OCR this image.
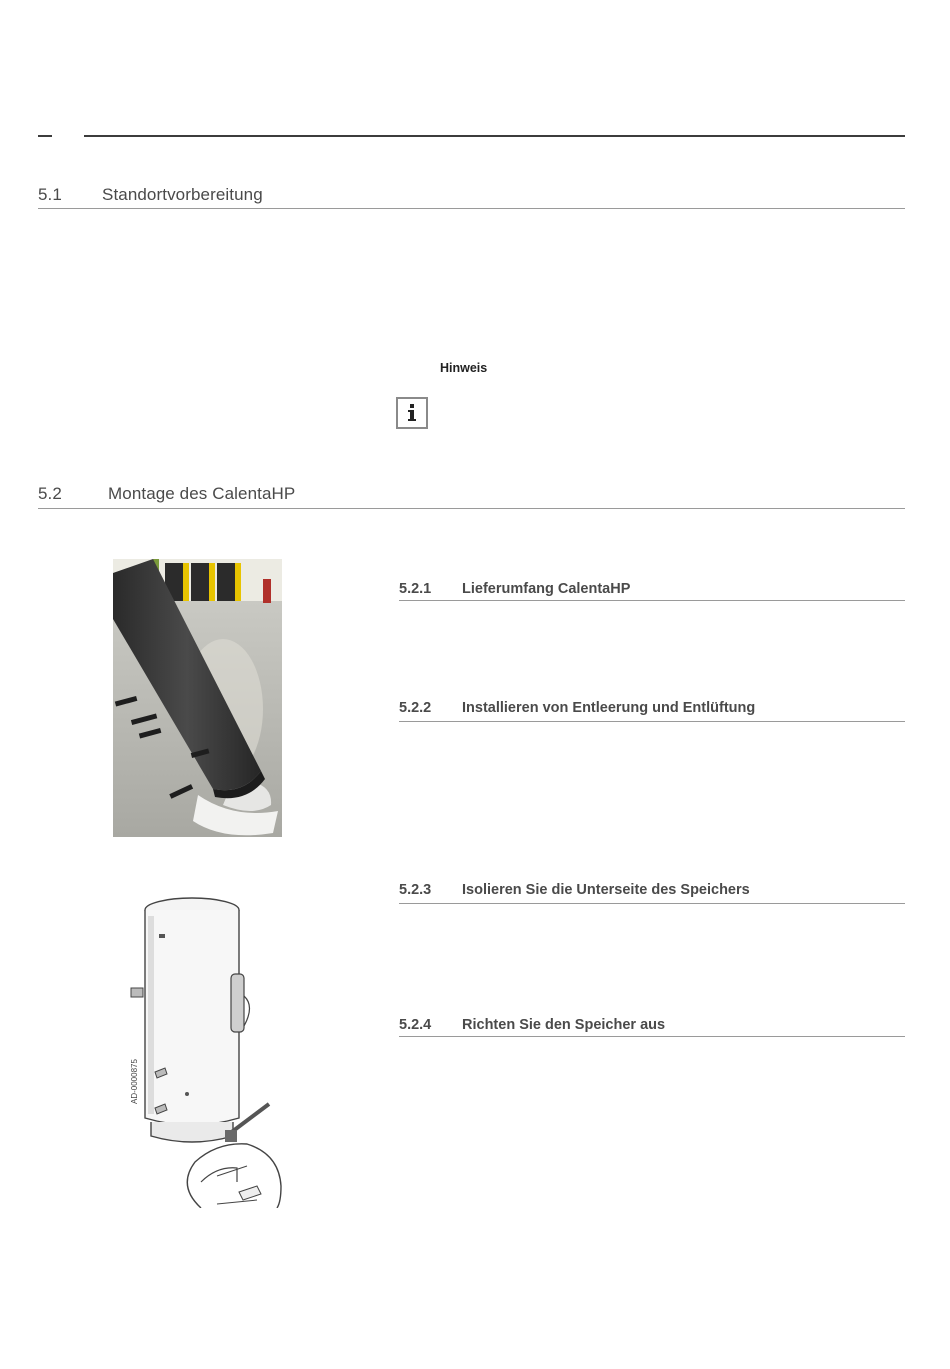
5.1 Standortvorbereitung
Hinweis
5.2	Montage des CalentaHP
5.2.1 Lieferumfang CalentaHP
5.2.2 Installieren von Entleerung und Entlüftung
5.2.3 Isolieren Sie die Unterseite des Speichers
5.2.4 Richten Sie den Speicher aus
AD-0000875
